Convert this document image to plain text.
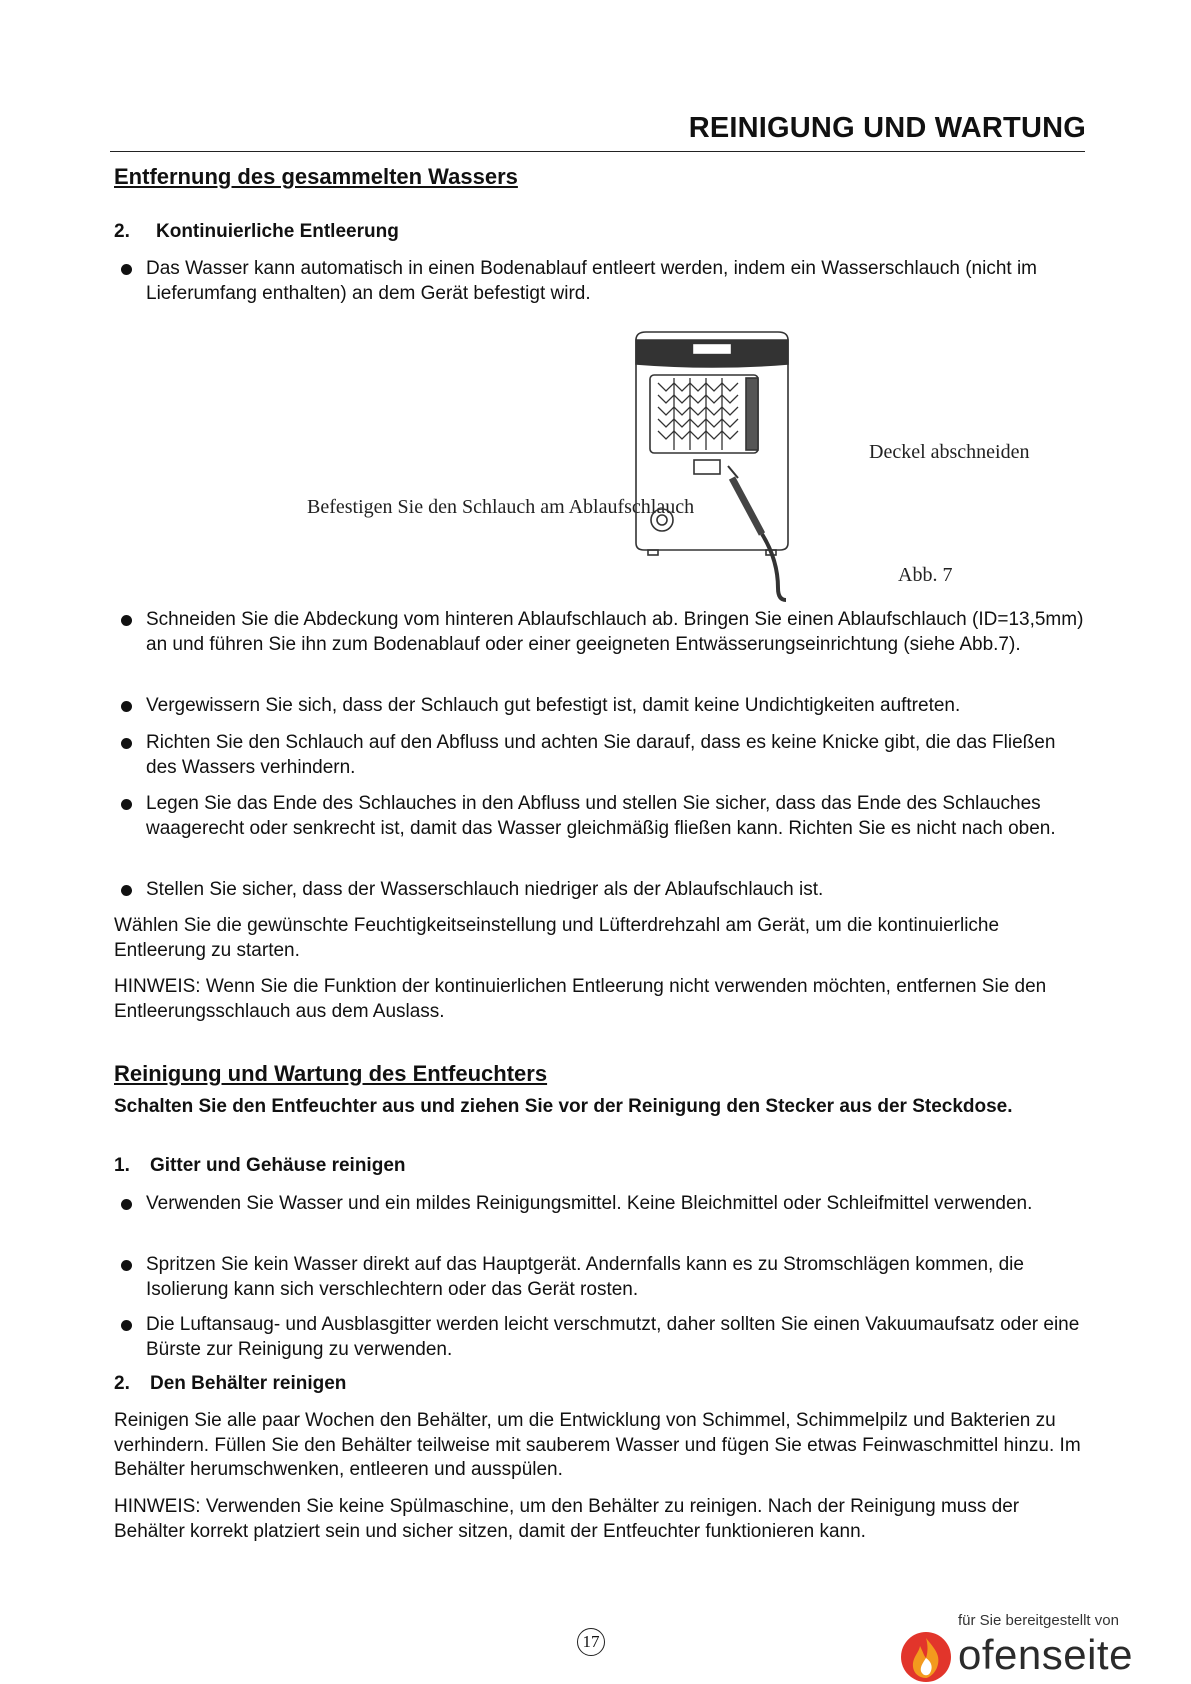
REINIGUNG UND WARTUNG
Entfernung des gesammelten Wassers
2. Kontinuierliche Entleerung
Das Wasser kann automatisch in einen Bodenablauf entleert werden, indem ein Wasserschlauch (nicht im Lieferumfang enthalten) an dem Gerät befestigt wird.
Befestigen Sie den Schlauch am Ablaufschlauch
Deckel abschneiden
Abb. 7
Schneiden Sie die Abdeckung vom hinteren Ablaufschlauch ab. Bringen Sie einen Ablaufschlauch (ID=13,5mm) an und führen Sie ihn zum Bodenablauf oder einer geeigneten Entwässerungseinrichtung (siehe Abb.7).
Vergewissern Sie sich, dass der Schlauch gut befestigt ist, damit keine Undichtigkeiten auftreten.
Richten Sie den Schlauch auf den Abfluss und achten Sie darauf, dass es keine Knicke gibt, die das Fließen des Wassers verhindern.
Legen Sie das Ende des Schlauches in den Abfluss und stellen Sie sicher, dass das Ende des Schlauches waagerecht oder senkrecht ist, damit das Wasser gleichmäßig fließen kann. Richten Sie es nicht nach oben.
Stellen Sie sicher, dass der Wasserschlauch niedriger als der Ablaufschlauch ist.
Wählen Sie die gewünschte Feuchtigkeitseinstellung und Lüfterdrehzahl am Gerät, um die kontinuierliche Entleerung zu starten.
HINWEIS: Wenn Sie die Funktion der kontinuierlichen Entleerung nicht verwenden möchten, entfernen Sie den Entleerungsschlauch aus dem Auslass.
Reinigung und Wartung des Entfeuchters
Schalten Sie den Entfeuchter aus und ziehen Sie vor der Reinigung den Stecker aus der Steckdose.
1. Gitter und Gehäuse reinigen
Verwenden Sie Wasser und ein mildes Reinigungsmittel. Keine Bleichmittel oder Schleifmittel verwenden.
Spritzen Sie kein Wasser direkt auf das Hauptgerät. Andernfalls kann es zu Stromschlägen kommen, die Isolierung kann sich verschlechtern oder das Gerät rosten.
Die Luftansaug- und Ausblasgitter werden leicht verschmutzt, daher sollten Sie einen Vakuumaufsatz oder eine Bürste zur Reinigung zu verwenden.
2. Den Behälter reinigen
Reinigen Sie alle paar Wochen den Behälter, um die Entwicklung von Schimmel, Schimmelpilz und Bakterien zu verhindern. Füllen Sie den Behälter teilweise mit sauberem Wasser und fügen Sie etwas Feinwaschmittel hinzu. Im Behälter herumschwenken, entleeren und ausspülen.
HINWEIS: Verwenden Sie keine Spülmaschine, um den Behälter zu reinigen. Nach der Reinigung muss der Behälter korrekt platziert sein und sicher sitzen, damit der Entfeuchter funktionieren kann.
17
für Sie bereitgestellt von
ofenseite
